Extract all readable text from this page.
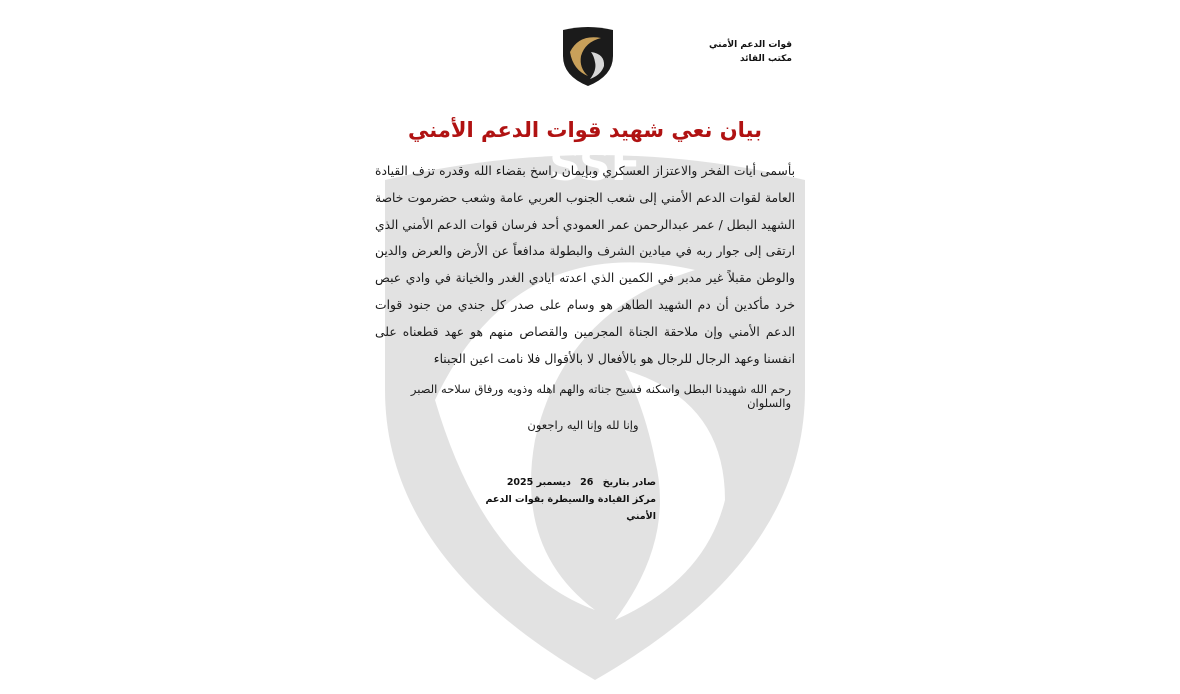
SSF
قوات الدعم الأمني
مكتب القائد
بيان نعي شهيد قوات الدعم الأمني
بأسمى أيات الفخر والاعتزاز العسكري وبإيمان راسخ بقضاء الله وقدره تزف القيادة العامة لقوات الدعم الأمني إلى شعب الجنوب العربي عامة وشعب حضرموت خاصة الشهيد البطل / عمر عبدالرحمن عمر العمودي أحد فرسان قوات الدعم الأمني الذي ارتقى إلى جوار ربه في ميادين الشرف والبطولة مدافعاً عن الأرض والعرض والدين والوطن مقبلاً غير مدبر في الكمين الذي اعدته ايادي الغدر والخيانة في وادي عبص خرد مأكدين أن دم الشهيد الطاهر هو وسام على صدر كل جندي من جنود قوات الدعم الأمني وإن ملاحقة الجناة المجرمين والقصاص منهم هو عهد قطعناه على انفسنا وعهد الرجال للرجال هو بالأفعال لا بالأقوال فلا نامت اعين الجبناء
رحم الله شهيدنا البطل واسكنه فسيح جناته والهم اهله وذويه ورفاق سلاحه الصبر والسلوان
وإنا لله وإنا اليه راجعون
صادر بتاريخ 26 ديسمبر 2025
مركز القيادة والسيطرة بقوات الدعم الأمني
